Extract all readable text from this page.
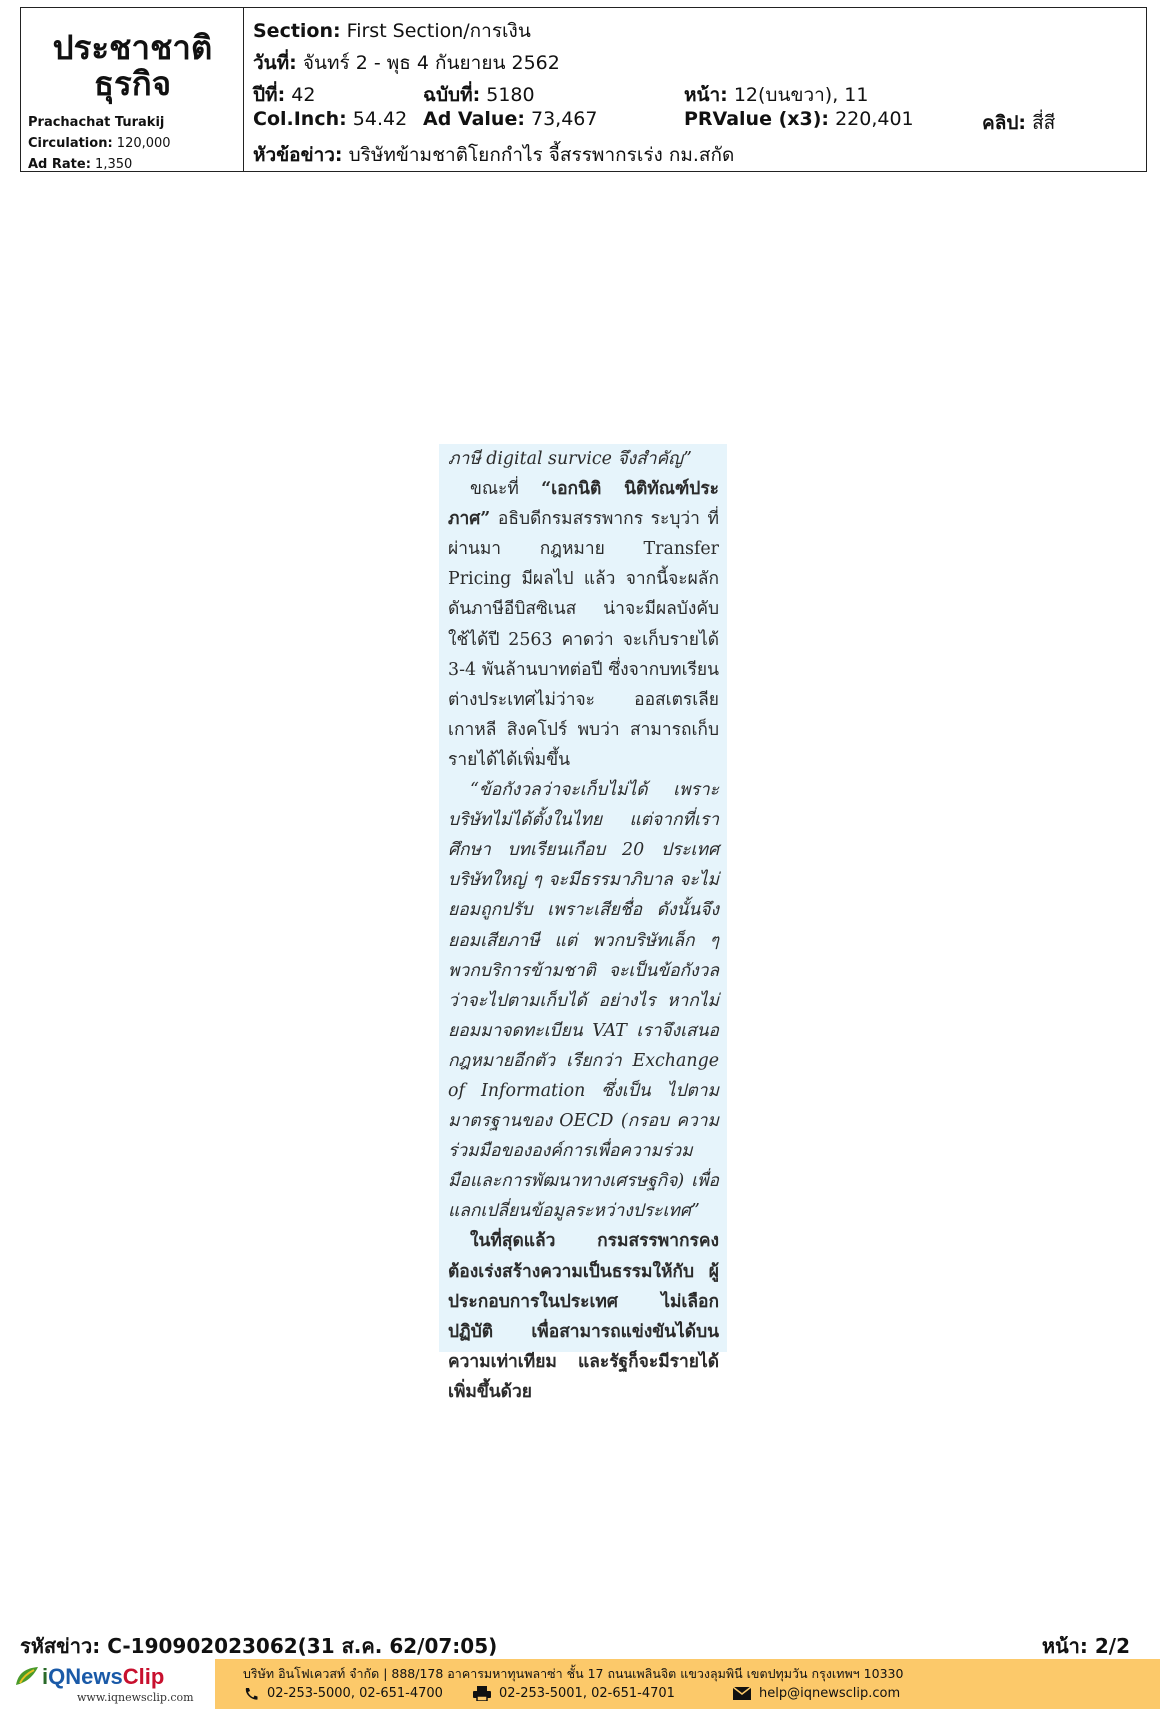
ประชาชาติ
ธุรกิจ
Prachachat Turakij
Circulation: 120,000
Ad Rate: 1,350
Section: First Section/การเงิน
วันที่: จันทร์ 2 - พุธ 4 กันยายน 2562
ปีที่: 42	ฉบับที่: 5180	หน้า: 12(บนขวา), 11
Col.Inch: 54.42 Ad Value: 73,467	PRValue (x3): 220,401	คลิป: สี่สี
หัวข้อข่าว: บริษัทข้ามชาติโยกกำไร จี้สรรพากรเร่ง กม.สกัด

ภาษี digital survice จึงสำคัญ”

ขณะที่ “เอกนิติ นิติทัณฑ์ประภาศ” อธิบดีกรมสรรพากร ระบุว่า ที่ผ่านมา กฎหมาย Transfer Pricing มีผลไป แล้ว จากนี้จะผลักดันภาษีอีบิสซิเนส น่าจะมีผลบังคับใช้ได้ปี 2563 คาดว่า จะเก็บรายได้ 3-4 พันล้านบาทต่อปี ซึ่งจากบทเรียนต่างประเทศไม่ว่าจะ ออสเตรเลีย เกาหลี สิงคโปร์ พบว่า สามารถเก็บรายได้ได้เพิ่มขึ้น

“ข้อกังวลว่าจะเก็บไม่ได้ เพราะ บริษัทไม่ได้ตั้งในไทย แต่จากที่เราศึกษา บทเรียนเกือบ 20 ประเทศ บริษัทใหญ่ ๆ จะมีธรรมาภิบาล จะไม่ยอมถูกปรับ เพราะเสียชื่อ ดังนั้นจึงยอมเสียภาษี แต่ พวกบริษัทเล็ก ๆ พวกบริการข้ามชาติ จะเป็นข้อกังวลว่าจะไปตามเก็บได้ อย่างไร หากไม่ยอมมาจดทะเบียน VAT เราจึงเสนอกฎหมายอีกตัว เรียกว่า Exchange of Information ซึ่งเป็น ไปตามมาตรฐานของ OECD (กรอบ ความร่วมมือขององค์การเพื่อความร่วม มือและการพัฒนาทางเศรษฐกิจ) เพื่อ แลกเปลี่ยนข้อมูลระหว่างประเทศ”

ในที่สุดแล้ว กรมสรรพากรคง ต้องเร่งสร้างความเป็นธรรมให้กับ ผู้ประกอบการในประเทศ ไม่เลือก ปฏิบัติ เพื่อสามารถแข่งขันได้บน ความเท่าเทียม และรัฐก็จะมีรายได้ เพิ่มขึ้นด้วย

รหัสข่าว: C-190902023062(31 ส.ค. 62/07:05)	หน้า: 2/2
iQNewsClip
www.iqnewsclip.com
บริษัท อินโฟเควสท์ จำกัด | 888/178 อาคารมหาทุนพลาซ่า ชั้น 17 ถนนเพลินจิต แขวงลุมพินี เขตปทุมวัน กรุงเทพฯ 10330
02-253-5000, 02-651-4700	02-253-5001, 02-651-4701	help@iqnewsclip.com
